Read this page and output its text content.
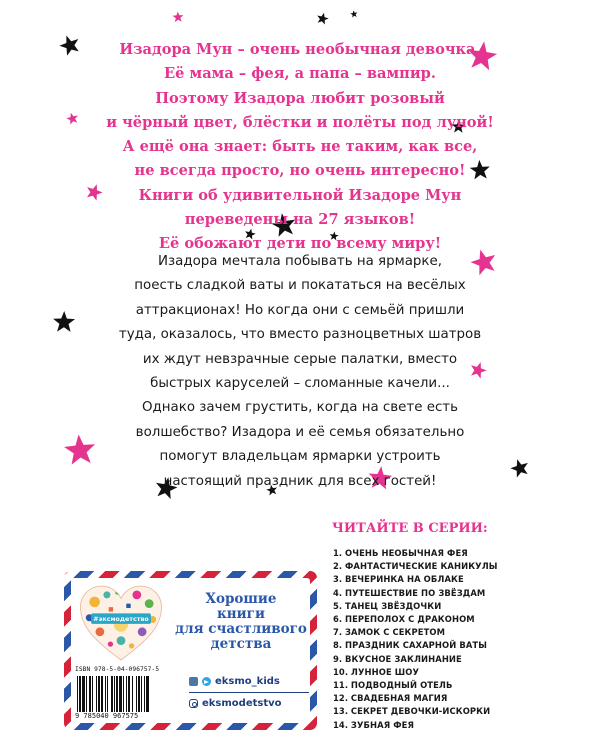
Изадора Мун – очень необычная девочка.
Её мама – фея, а папа – вампир.
Поэтому Изадора любит розовый
и чёрный цвет, блёстки и полёты под луной!
А ещё она знает: быть не таким, как все,
не всегда просто, но очень интересно!
Книги об удивительной Изадоре Мун
переведены на 27 языков!
Её обожают дети по всему миру!
Изадора мечтала побывать на ярмарке,
поесть сладкой ваты и покататься на весёлых
аттракционах! Но когда они с семьёй пришли
туда, оказалось, что вместо разноцветных шатров
их ждут невзрачные серые палатки, вместо
быстрых каруселей – сломанные качели...
Однако зачем грустить, когда на свете есть
волшебство? Изадора и её семья обязательно
помогут владельцам ярмарки устроить
настоящий праздник для всех гостей!
ЧИТАЙТЕ В СЕРИИ:
1. ОЧЕНЬ НЕОБЫЧНАЯ ФЕЯ
2. ФАНТАСТИЧЕСКИЕ КАНИКУЛЫ
3. ВЕЧЕРИНКА НА ОБЛАКЕ
4. ПУТЕШЕСТВИЕ ПО ЗВЁЗДАМ
5. ТАНЕЦ ЗВЁЗДОЧКИ
6. ПЕРЕПОЛОХ С ДРАКОНОМ
7. ЗАМОК С СЕКРЕТОМ
8. ПРАЗДНИК САХАРНОЙ ВАТЫ
9. ВКУСНОЕ ЗАКЛИНАНИЕ
10. ЛУННОЕ ШОУ
11. ПОДВОДНЫЙ ОТЕЛЬ
12. СВАДЕБНАЯ МАГИЯ
13. СЕКРЕТ ДЕВОЧКИ-ИСКОРКИ
14. ЗУБНАЯ ФЕЯ
#экcмодетство
Хорошие
книги
для счастливого
детства
ISBN 978-5-04-096757-5
9 785040 967575
eksmo_kids
eksmodetstvo
